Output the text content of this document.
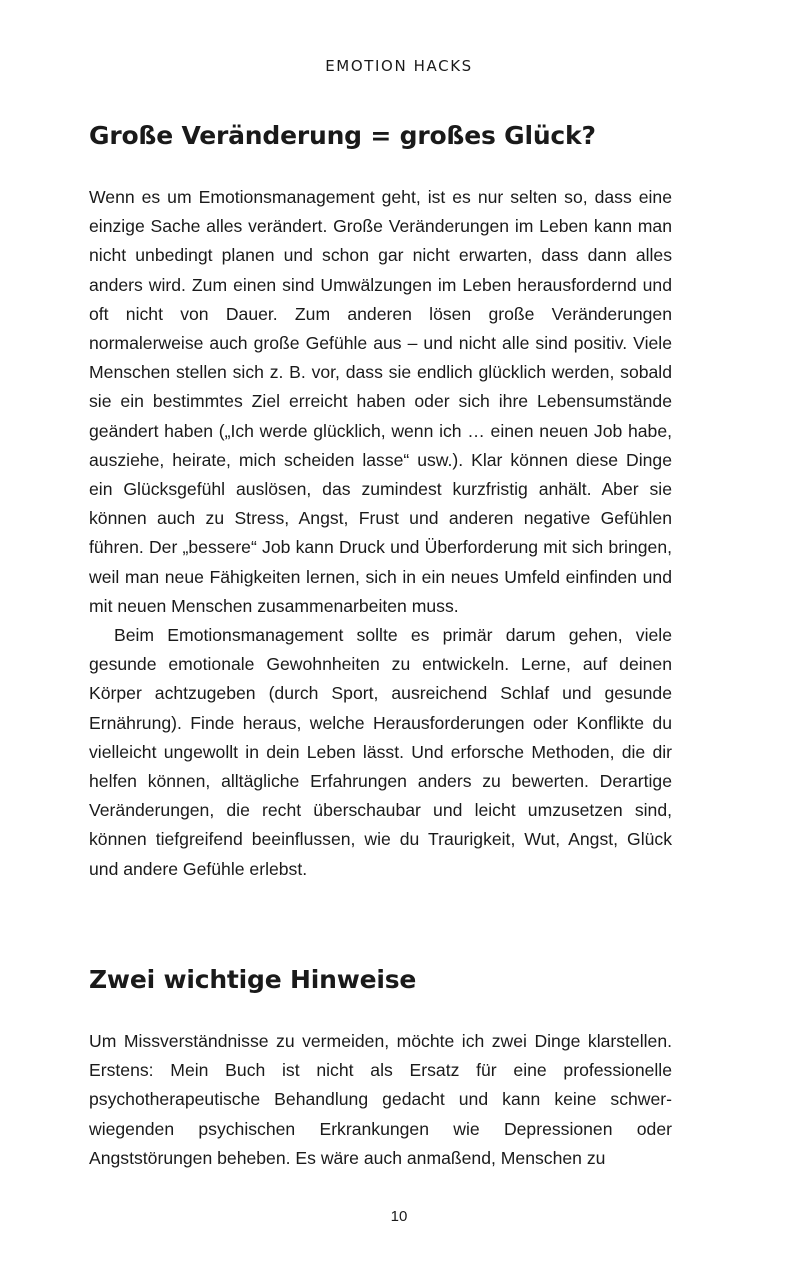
EMOTION HACKS
Große Veränderung = großes Glück?

Wenn es um Emotionsmanagement geht, ist es nur selten so, dass eine einzige Sache alles verändert. Große Veränderungen im Leben kann man nicht unbedingt planen und schon gar nicht erwarten, dass dann alles anders wird. Zum einen sind Umwälzungen im Leben herausfordernd und oft nicht von Dauer. Zum anderen lösen große Veränderungen normalerweise auch große Gefühle aus – und nicht alle sind positiv. Viele Menschen stellen sich z. B. vor, dass sie endlich glücklich werden, sobald sie ein bestimmtes Ziel erreicht haben oder sich ihre Lebensumstände geändert haben („Ich werde glücklich, wenn ich … einen neuen Job habe, ausziehe, heirate, mich scheiden lasse“ usw.). Klar können diese Dinge ein Glücksgefühl auslösen, das zumindest kurzfristig anhält. Aber sie können auch zu Stress, Angst, Frust und anderen negative Gefühlen führen. Der „bessere“ Job kann Druck und Überforderung mit sich bringen, weil man neue Fähigkeiten lernen, sich in ein neues Umfeld einfinden und mit neuen Menschen zusammenarbeiten muss.

Beim Emotionsmanagement sollte es primär darum gehen, viele gesunde emotionale Gewohnheiten zu entwickeln. Lerne, auf deinen Körper achtzugeben (durch Sport, ausreichend Schlaf und gesunde Ernährung). Finde heraus, welche Herausforderungen oder Konflikte du vielleicht ungewollt in dein Leben lässt. Und erforsche Methoden, die dir helfen können, alltägliche Erfahrungen anders zu bewerten. Derartige Veränderungen, die recht überschaubar und leicht umzusetzen sind, können tiefgreifend beeinflussen, wie du Traurigkeit, Wut, Angst, Glück und andere Gefühle erlebst.

Zwei wichtige Hinweise

Um Missverständnisse zu vermeiden, möchte ich zwei Dinge klarstellen. Erstens: Mein Buch ist nicht als Ersatz für eine professionelle psychotherapeutische Behandlung gedacht und kann keine schwerwiegenden psychischen Erkrankungen wie Depressionen oder Angststörungen beheben. Es wäre auch anmaßend, Menschen zu

10
